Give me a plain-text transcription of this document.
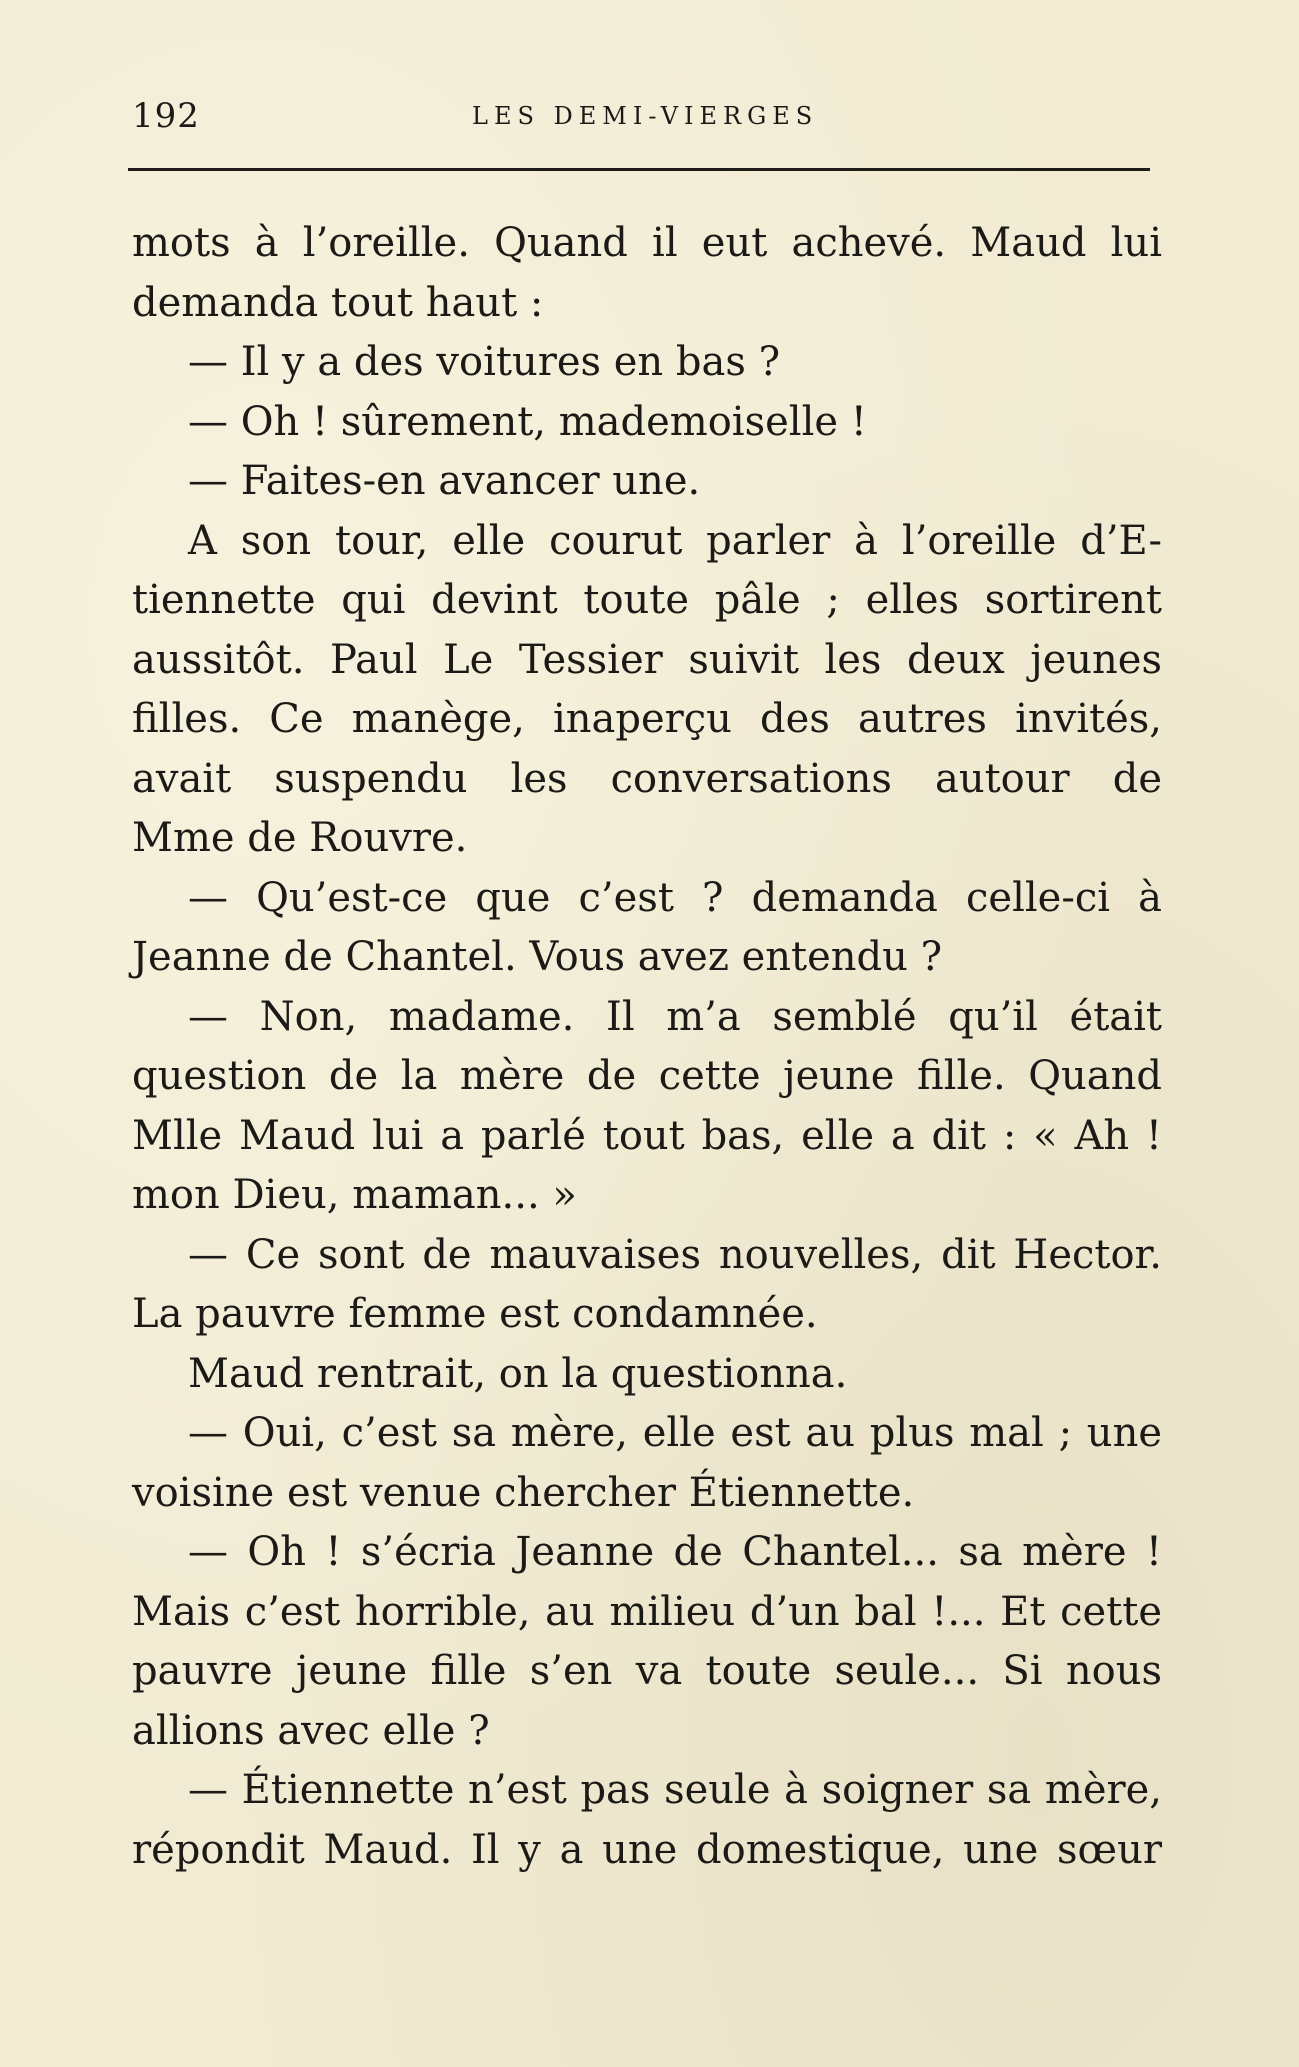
192	LES DEMI-VIERGES
mots à l’oreille. Quand il eut achevé. Maud lui
demanda tout haut :
— Il y a des voitures en bas ?
— Oh ! sûrement, mademoiselle !
— Faites-en avancer une.
A son tour, elle courut parler à l’oreille d’E-
tiennette qui devint toute pâle ; elles sortirent
aussitôt. Paul Le Tessier suivit les deux jeunes
filles. Ce manège, inaperçu des autres invités,
avait suspendu les conversations autour de
Mme de Rouvre.
— Qu’est-ce que c’est ? demanda celle-ci à
Jeanne de Chantel. Vous avez entendu ?
— Non, madame. Il m’a semblé qu’il était
question de la mère de cette jeune fille. Quand
Mlle Maud lui a parlé tout bas, elle a dit : « Ah !
mon Dieu, maman... »
— Ce sont de mauvaises nouvelles, dit Hector.
La pauvre femme est condamnée.
Maud rentrait, on la questionna.
— Oui, c’est sa mère, elle est au plus mal ; une
voisine est venue chercher Étiennette.
— Oh ! s’écria Jeanne de Chantel... sa mère !
Mais c’est horrible, au milieu d’un bal !... Et cette
pauvre jeune fille s’en va toute seule... Si nous
allions avec elle ?
— Étiennette n’est pas seule à soigner sa mère,
répondit Maud. Il y a une domestique, une sœur
